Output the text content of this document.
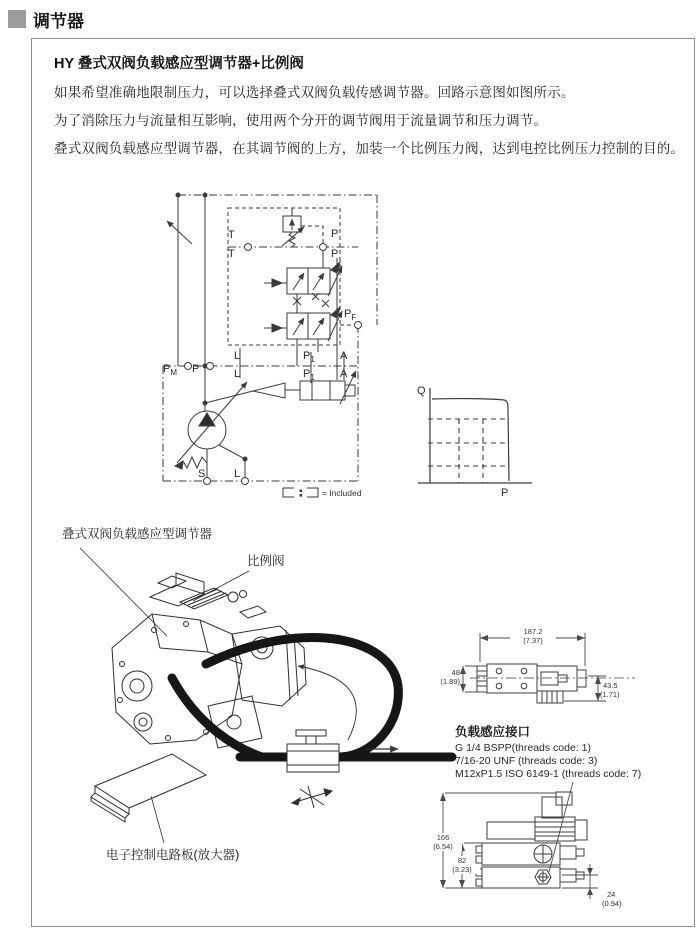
调节器
HY 叠式双阀负载感应型调节器+比例阀
如果希望准确地限制压力，可以选择叠式双阀负载传感调节器。回路示意图如图所示。
为了消除压力与流量相互影响，使用两个分开的调节阀用于流量调节和压力调节。
叠式双阀负载感应型调节器，在其调节阀的上方，加装一个比例压力阀，达到电控比例压力控制的目的。
T
T
P
P
$P_F$
$P_M$ P
L
L
$P_1$
$P_1$
A
A
S	L
= Included
Q
P
叠式双阀负载感应型调节器
比例阀
电子控制电路板(放大器)
187.2
(7.37)
48
(1.89)	43.5
(1.71)
负载感应接口
G 1/4 BSPP(threads code: 1)
7/16-20 UNF (threads code: 3)
M12xP1.5 ISO 6149-1 (threads code: 7)
166
(6.54)
82
(3.23)
24
(0.94)
